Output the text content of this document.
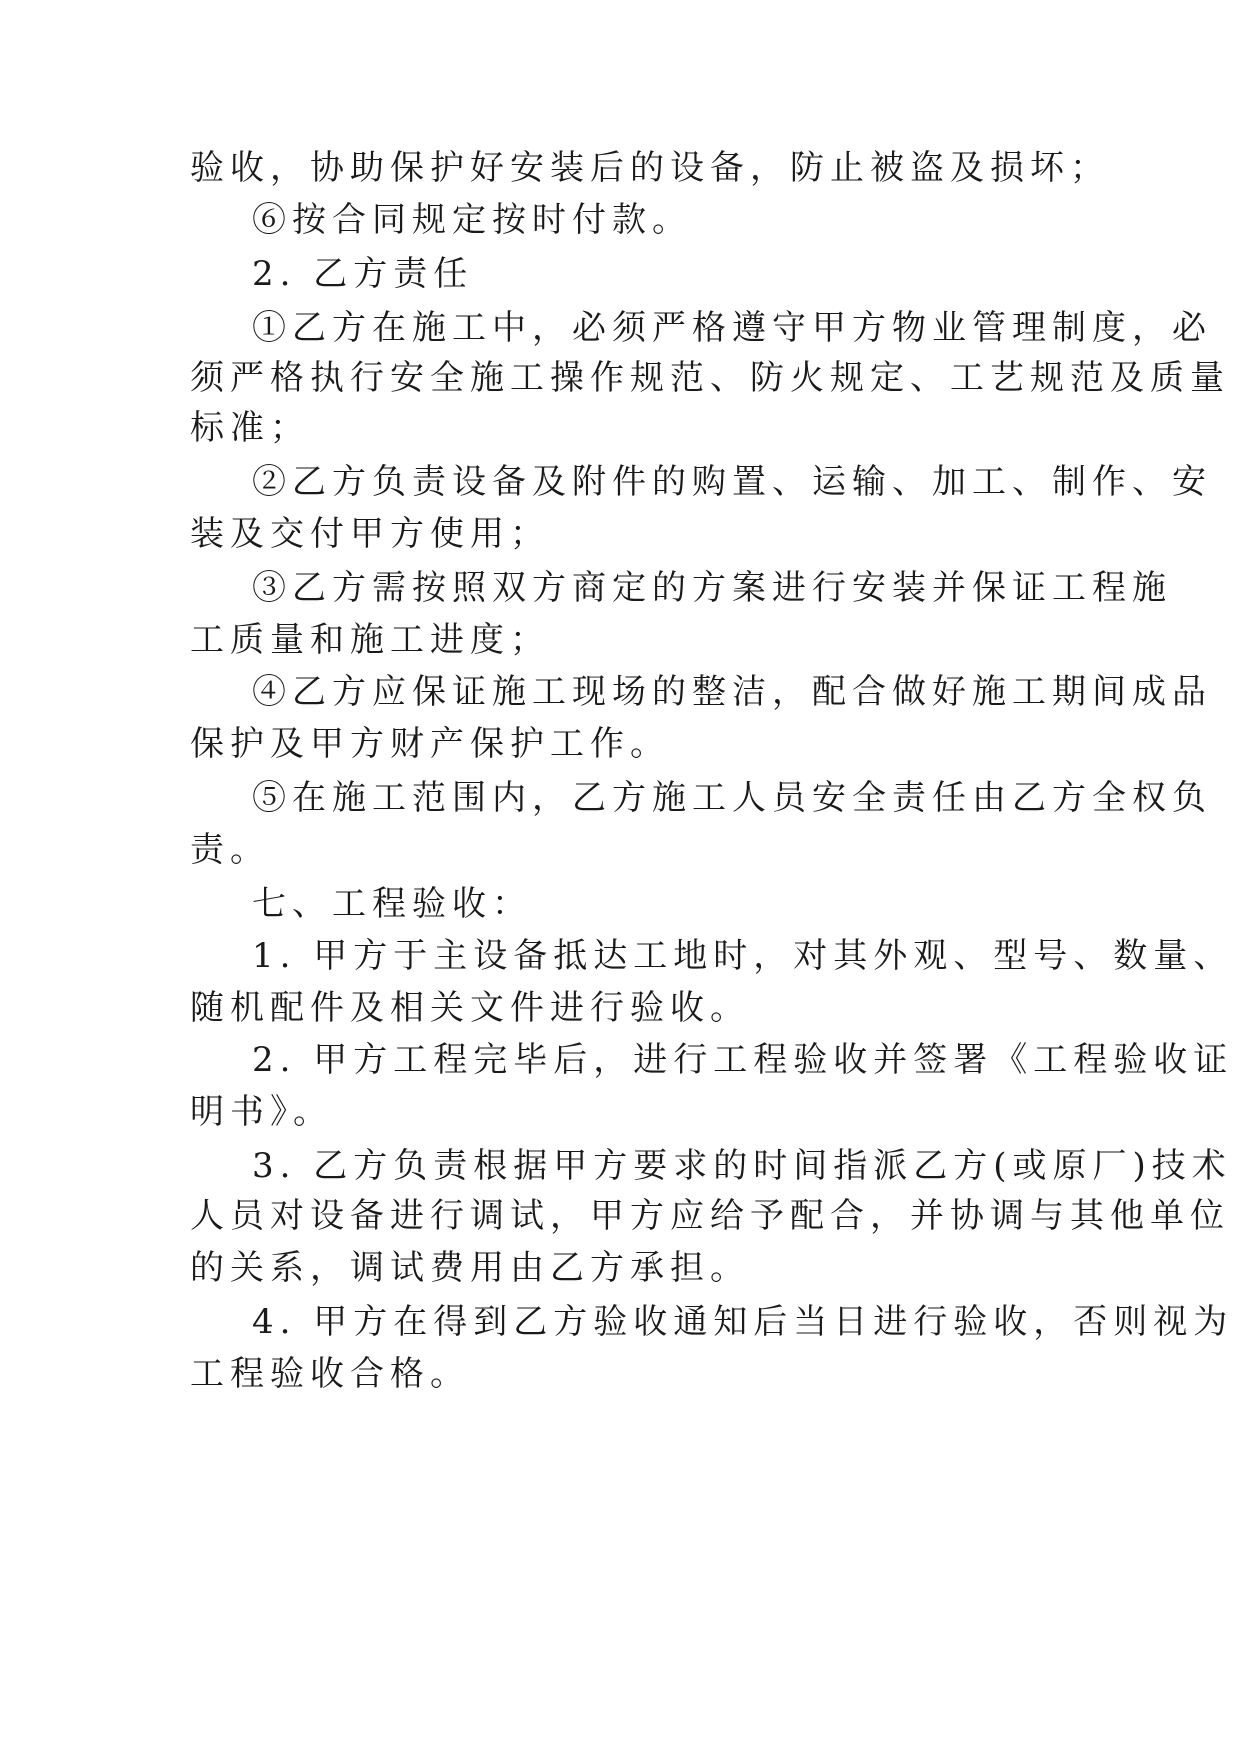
验收，协助保护好安装后的设备，防止被盗及损坏；

⑥按合同规定按时付款。

2. 乙方责任

①乙方在施工中，必须严格遵守甲方物业管理制度，必

须严格执行安全施工操作规范、防火规定、工艺规范及质量

标准；

②乙方负责设备及附件的购置、运输、加工、制作、安

装及交付甲方使用；

③乙方需按照双方商定的方案进行安装并保证工程施

工质量和施工进度；

④乙方应保证施工现场的整洁，配合做好施工期间成品

保护及甲方财产保护工作。

⑤在施工范围内，乙方施工人员安全责任由乙方全权负

责。

七、工程验收：

1. 甲方于主设备抵达工地时，对其外观、型号、数量、

随机配件及相关文件进行验收。

2. 甲方工程完毕后，进行工程验收并签署《工程验收证

明书》。

3. 乙方负责根据甲方要求的时间指派乙方(或原厂)技术

人员对设备进行调试，甲方应给予配合，并协调与其他单位

的关系，调试费用由乙方承担。

4. 甲方在得到乙方验收通知后当日进行验收，否则视为

工程验收合格。
